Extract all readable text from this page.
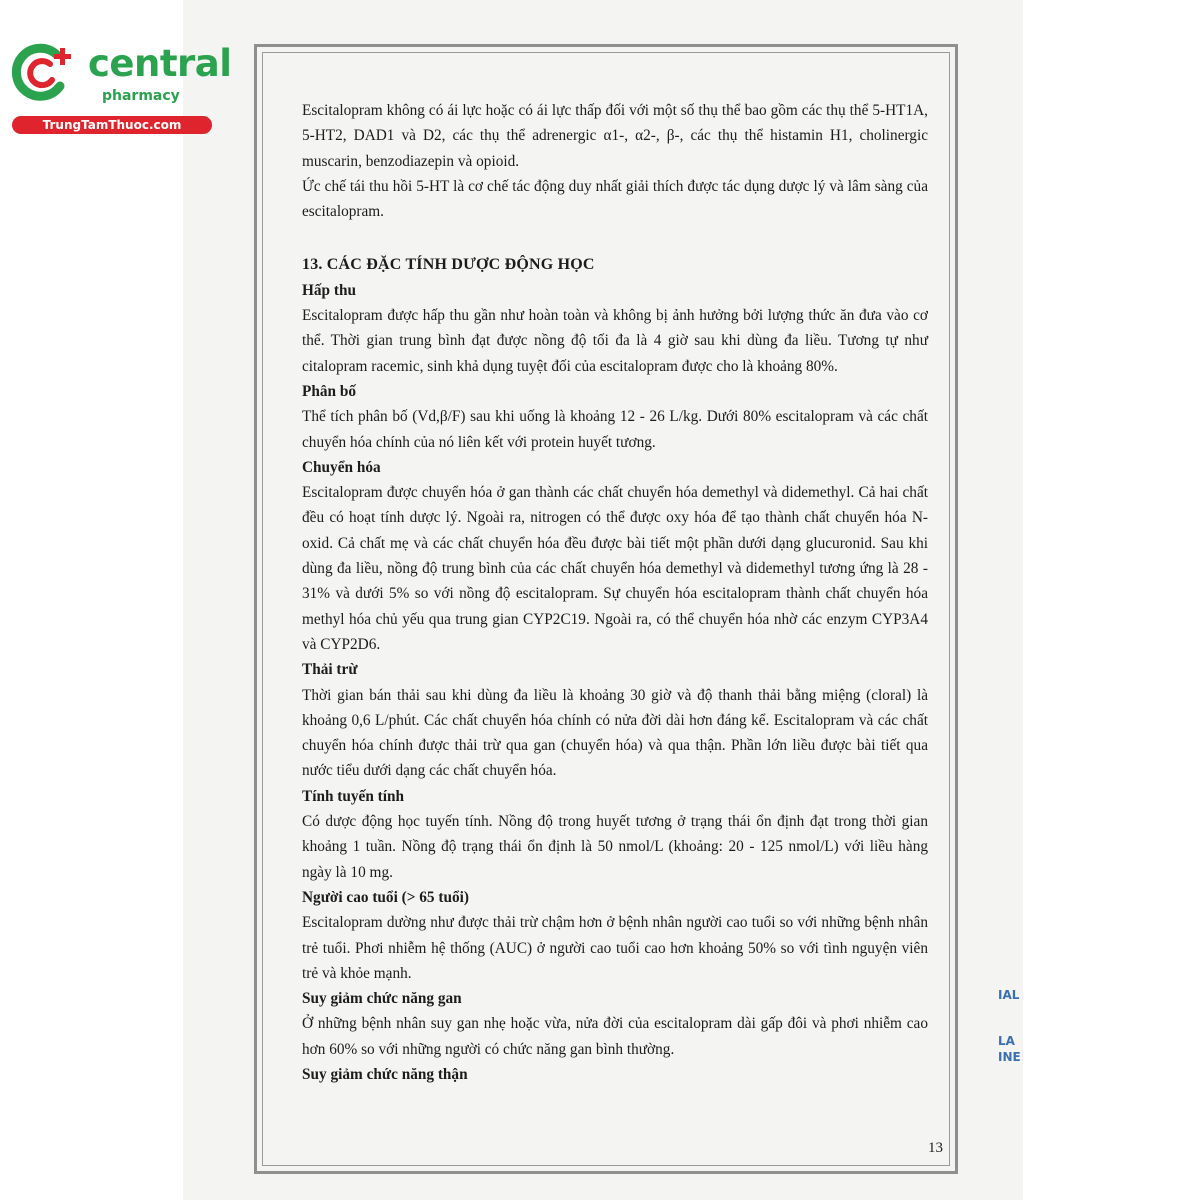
central
pharmacy
TrungTamThuoc.com

Escitalopram không có ái lực hoặc có ái lực thấp đối với một số thụ thể bao gồm các thụ thể 5-HT1A, 5-HT2, DAD1 và D2, các thụ thể adrenergic α1-, α2-, β-, các thụ thể histamin H1, cholinergic muscarin, benzodiazepin và opioid.

Ức chế tái thu hồi 5-HT là cơ chế tác động duy nhất giải thích được tác dụng dược lý và lâm sàng của escitalopram.

13. CÁC ĐẶC TÍNH DƯỢC ĐỘNG HỌC

Hấp thu

Escitalopram được hấp thu gần như hoàn toàn và không bị ảnh hưởng bởi lượng thức ăn đưa vào cơ thể. Thời gian trung bình đạt được nồng độ tối đa là 4 giờ sau khi dùng đa liều. Tương tự như citalopram racemic, sinh khả dụng tuyệt đối của escitalopram được cho là khoảng 80%.

Phân bố

Thể tích phân bố (Vd,β/F) sau khi uống là khoảng 12 - 26 L/kg. Dưới 80% escitalopram và các chất chuyển hóa chính của nó liên kết với protein huyết tương.

Chuyển hóa

Escitalopram được chuyển hóa ở gan thành các chất chuyển hóa demethyl và didemethyl. Cả hai chất đều có hoạt tính dược lý. Ngoài ra, nitrogen có thể được oxy hóa để tạo thành chất chuyển hóa N-oxid. Cả chất mẹ và các chất chuyển hóa đều được bài tiết một phần dưới dạng glucuronid. Sau khi dùng đa liều, nồng độ trung bình của các chất chuyển hóa demethyl và didemethyl tương ứng là 28 - 31% và dưới 5% so với nồng độ escitalopram. Sự chuyển hóa escitalopram thành chất chuyển hóa methyl hóa chủ yếu qua trung gian CYP2C19. Ngoài ra, có thể chuyển hóa nhờ các enzym CYP3A4 và CYP2D6.

Thải trừ

Thời gian bán thải sau khi dùng đa liều là khoảng 30 giờ và độ thanh thải bằng miệng (cloral) là khoảng 0,6 L/phút. Các chất chuyển hóa chính có nửa đời dài hơn đáng kể. Escitalopram và các chất chuyển hóa chính được thải trừ qua gan (chuyển hóa) và qua thận. Phần lớn liều được bài tiết qua nước tiểu dưới dạng các chất chuyển hóa.

Tính tuyến tính

Có dược động học tuyến tính. Nồng độ trong huyết tương ở trạng thái ổn định đạt trong thời gian khoảng 1 tuần. Nồng độ trạng thái ổn định là 50 nmol/L (khoảng: 20 - 125 nmol/L) với liều hàng ngày là 10 mg.

Người cao tuổi (> 65 tuổi)

Escitalopram dường như được thải trừ chậm hơn ở bệnh nhân người cao tuổi so với những bệnh nhân trẻ tuổi. Phơi nhiễm hệ thống (AUC) ở người cao tuổi cao hơn khoảng 50% so với tình nguyện viên trẻ và khỏe mạnh.

Suy giảm chức năng gan

Ở những bệnh nhân suy gan nhẹ hoặc vừa, nửa đời của escitalopram dài gấp đôi và phơi nhiễm cao hơn 60% so với những người có chức năng gan bình thường.

Suy giảm chức năng thận

13
IAL
LA
INE
